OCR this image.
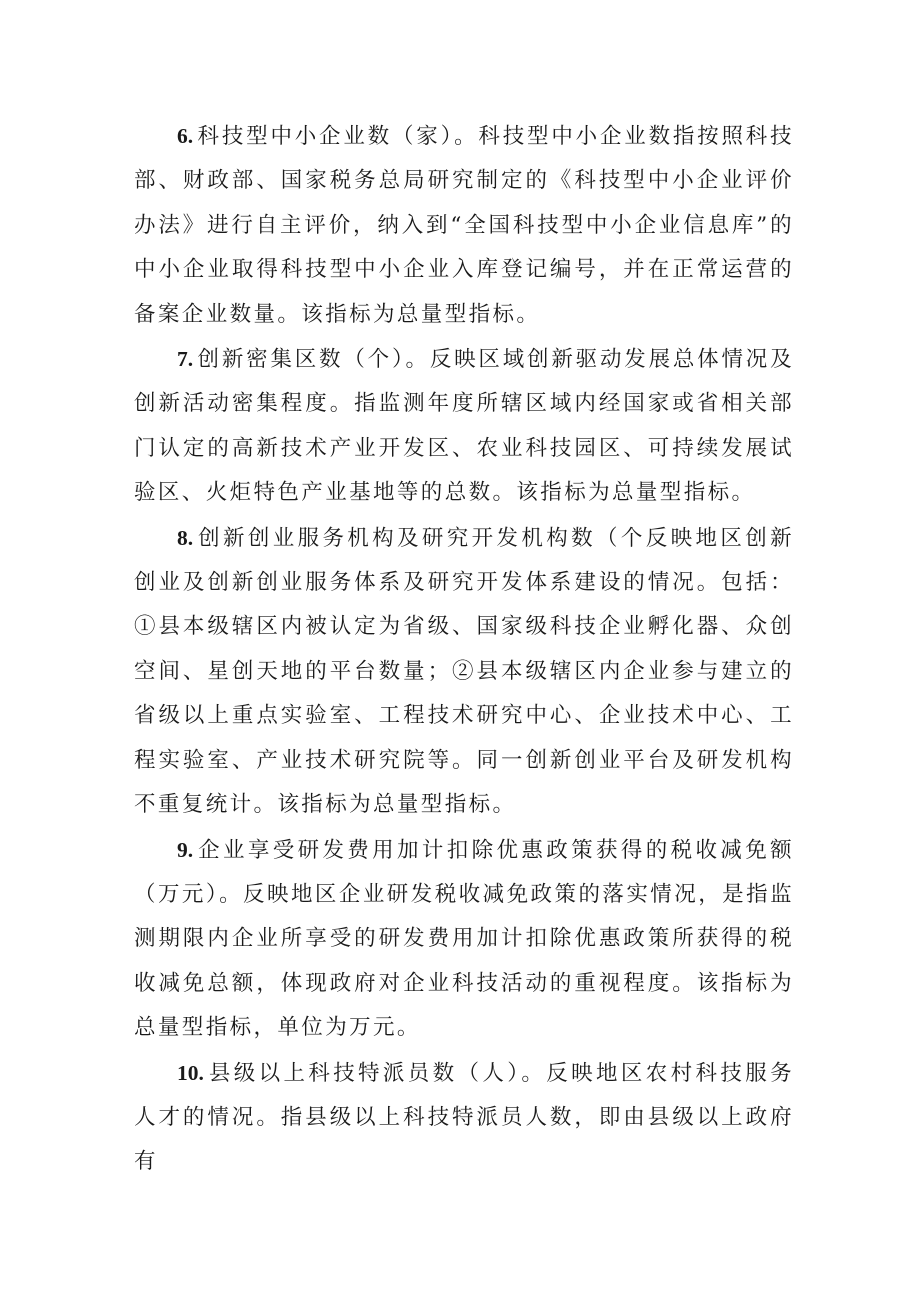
6. 科技型中小企业数（家）。科技型中小企业数指按照科技部、财政部、国家税务总局研究制定的《科技型中小企业评价办法》进行自主评价，纳入到“全国科技型中小企业信息库”的中小企业取得科技型中小企业入库登记编号，并在正常运营的备案企业数量。该指标为总量型指标。

7. 创新密集区数（个）。反映区域创新驱动发展总体情况及创新活动密集程度。指监测年度所辖区域内经国家或省相关部门认定的高新技术产业开发区、农业科技园区、可持续发展试验区、火炬特色产业基地等的总数。该指标为总量型指标。

8. 创新创业服务机构及研究开发机构数（个反映地区创新创业及创新创业服务体系及研究开发体系建设的情况。包括：①县本级辖区内被认定为省级、国家级科技企业孵化器、众创空间、星创天地的平台数量；②县本级辖区内企业参与建立的省级以上重点实验室、工程技术研究中心、企业技术中心、工程实验室、产业技术研究院等。同一创新创业平台及研发机构不重复统计。该指标为总量型指标。

9. 企业享受研发费用加计扣除优惠政策获得的税收减免额（万元）。反映地区企业研发税收减免政策的落实情况，是指监测期限内企业所享受的研发费用加计扣除优惠政策所获得的税收减免总额，体现政府对企业科技活动的重视程度。该指标为总量型指标，单位为万元。

10. 县级以上科技特派员数（人）。反映地区农村科技服务人才的情况。指县级以上科技特派员人数，即由县级以上政府有
